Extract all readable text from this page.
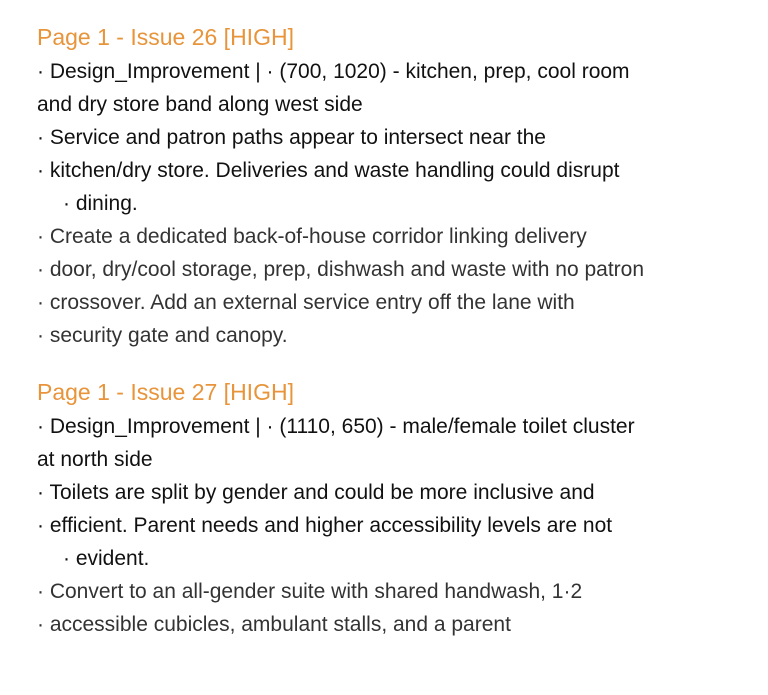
Page 1 - Issue 26 [HIGH]
· Design_Improvement | · (700, 1020) - kitchen, prep, cool room
and dry store band along west side
· Service and patron paths appear to intersect near the
· kitchen/dry store. Deliveries and waste handling could disrupt
· dining.
· Create a dedicated back-of-house corridor linking delivery
· door, dry/cool storage, prep, dishwash and waste with no patron
· crossover. Add an external service entry off the lane with
· security gate and canopy.
Page 1 - Issue 27 [HIGH]
· Design_Improvement | · (1110, 650) - male/female toilet cluster
at north side
· Toilets are split by gender and could be more inclusive and
· efficient. Parent needs and higher accessibility levels are not
· evident.
· Convert to an all-gender suite with shared handwash, 1·2
· accessible cubicles, ambulant stalls, and a parent
